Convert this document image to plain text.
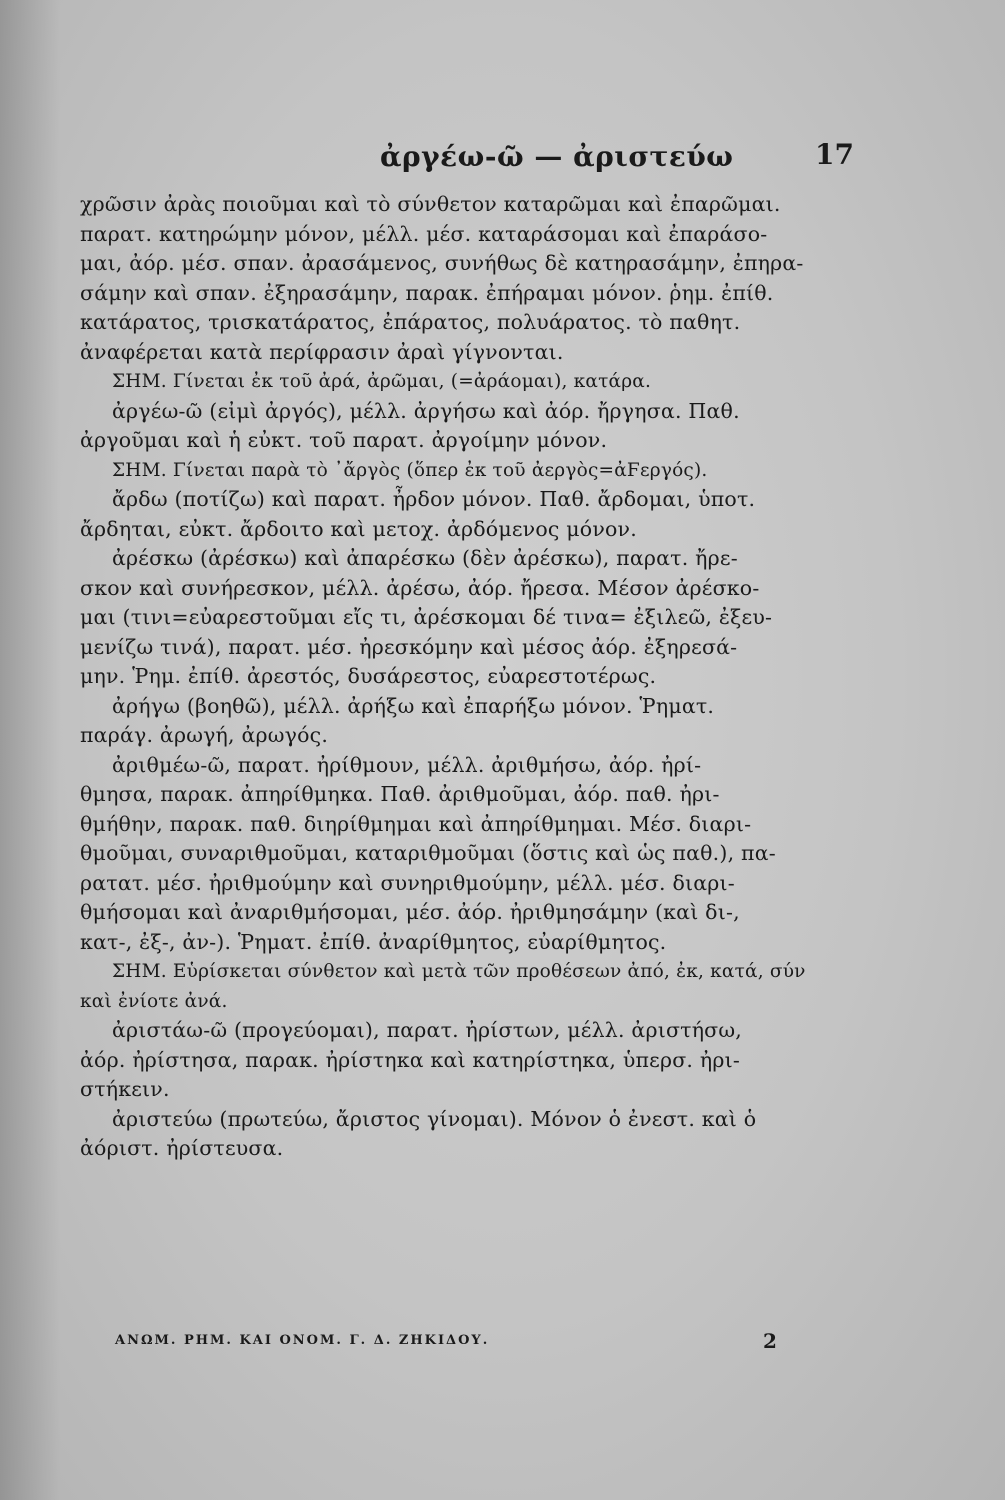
ἀργέω-ῶ — ἀριστεύω	17
χρῶσιν ἀρὰς ποιοῦμαι καὶ τὸ σύνθετον καταρῶμαι καὶ ἐπαρῶμαι.
παρατ. κατηρώμην μόνον, μέλλ. μέσ. καταράσομαι καὶ ἐπαράσο-
μαι, ἀόρ. μέσ. σπαν. ἀρασάμενος, συνήθως δὲ κατηρασάμην, ἐπηρα-
σάμην καὶ σπαν. ἐξηρασάμην, παρακ. ἐπήραμαι μόνον. ῥημ. ἐπίθ.
κατάρατος, τρισκατάρατος, ἐπάρατος, πολυάρατος. τὸ παθητ.
ἀναφέρεται κατὰ περίφρασιν ἀραὶ γίγνονται.
ΣΗΜ. Γίνεται ἐκ τοῦ ἀρά, ἀρῶμαι, (=ἀράομαι), κατάρα.
ἀργέω-ῶ (εἰμὶ ἀργός), μέλλ. ἀργήσω καὶ ἀόρ. ἤργησα. Παθ.
ἀργοῦμαι καὶ ἡ εὐκτ. τοῦ παρατ. ἀργοίμην μόνον.
ΣΗΜ. Γίνεται παρὰ τὸ ᾿ἄργὸς (ὅπερ ἐκ τοῦ ἀεργὸς=ἀϜεργός).
ἄρδω (ποτίζω) καὶ παρατ. ἦρδον μόνον. Παθ. ἄρδομαι, ὑποτ.
ἄρδηται, εὐκτ. ἄρδοιτο καὶ μετοχ. ἀρδόμενος μόνον.
ἀρέσκω (ἀρέσκω) καὶ ἀπαρέσκω (δὲν ἀρέσκω), παρατ. ἤρε-
σκον καὶ συνήρεσκον, μέλλ. ἀρέσω, ἀόρ. ἤρεσα. Μέσον ἀρέσκο-
μαι (τινι=εὐαρεστοῦμαι εἴς τι, ἀρέσκομαι δέ τινα= ἐξιλεῶ, ἐξευ-
μενίζω τινά), παρατ. μέσ. ἠρεσκόμην καὶ μέσος ἀόρ. ἐξηρεσά-
μην. Ῥημ. ἐπίθ. ἀρεστός, δυσάρεστος, εὐαρεστοτέρως.
ἀρήγω (βοηθῶ), μέλλ. ἀρήξω καὶ ἐπαρήξω μόνον. Ῥηματ.
παράγ. ἀρωγή, ἀρωγός.
ἀριθμέω-ῶ, παρατ. ἠρίθμουν, μέλλ. ἀριθμήσω, ἀόρ. ἠρί-
θμησα, παρακ. ἀπηρίθμηκα. Παθ. ἀριθμοῦμαι, ἀόρ. παθ. ἠρι-
θμήθην, παρακ. παθ. διηρίθμημαι καὶ ἀπηρίθμημαι. Μέσ. διαρι-
θμοῦμαι, συναριθμοῦμαι, καταριθμοῦμαι (ὅστις καὶ ὡς παθ.), πα-
ρατατ. μέσ. ἠριθμούμην καὶ συνηριθμούμην, μέλλ. μέσ. διαρι-
θμήσομαι καὶ ἀναριθμήσομαι, μέσ. ἀόρ. ἠριθμησάμην (καὶ δι-,
κατ-, ἐξ-, ἀν-). Ῥηματ. ἐπίθ. ἀναρίθμητος, εὐαρίθμητος.
ΣΗΜ. Εὑρίσκεται σύνθετον καὶ μετὰ τῶν προθέσεων ἀπό, ἐκ, κατά, σύν
καὶ ἐνίοτε ἀνά.
ἀριστάω-ῶ (προγεύομαι), παρατ. ἠρίστων, μέλλ. ἀριστήσω,
ἀόρ. ἠρίστησα, παρακ. ἠρίστηκα καὶ κατηρίστηκα, ὑπερσ. ἠρι-
στήκειν.
ἀριστεύω (πρωτεύω, ἄριστος γίνομαι). Μόνον ὁ ἐνεστ. καὶ ὁ
ἀόριστ. ἠρίστευσα.
ΑΝΩΜ. ΡΗΜ. ΚΑΙ ΟΝΟΜ. Γ. Δ. ΖΗΚΙΔΟΥ.	2
